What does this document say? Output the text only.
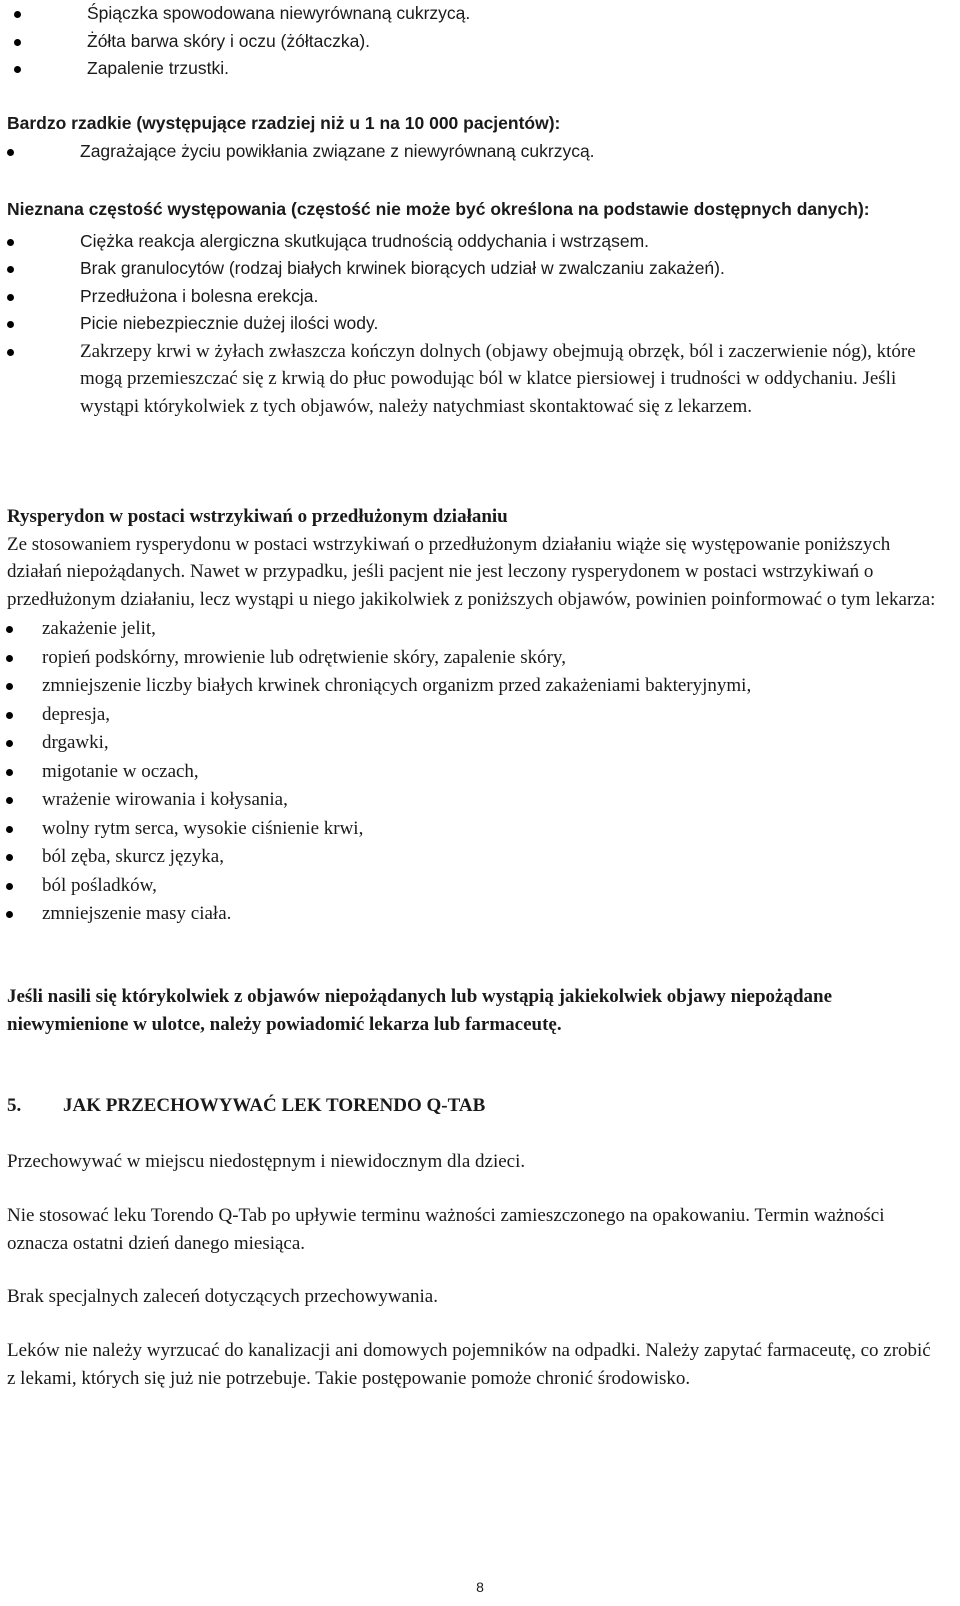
Śpiączka spowodowana niewyrównaną cukrzycą.
Żółta barwa skóry i oczu (żółtaczka).
Zapalenie trzustki.

Bardzo rzadkie (występujące rzadziej niż u 1 na 10 000 pacjentów):

Zagrażające życiu powikłania związane z niewyrównaną cukrzycą.

Nieznana częstość występowania (częstość nie może być określona na podstawie dostępnych danych):

Ciężka reakcja alergiczna skutkująca trudnością oddychania i wstrząsem.
Brak granulocytów (rodzaj białych krwinek biorących udział w zwalczaniu zakażeń).
Przedłużona i bolesna erekcja.
Picie niebezpiecznie dużej ilości wody.
Zakrzepy krwi w żyłach zwłaszcza kończyn dolnych (objawy obejmują obrzęk, ból i zaczerwienie nóg), które mogą przemieszczać się z krwią do płuc powodując ból w klatce piersiowej i trudności w oddychaniu. Jeśli wystąpi którykolwiek z tych objawów, należy natychmiast skontaktować się z lekarzem.

Rysperydon w postaci wstrzykiwań o przedłużonym działaniu

Ze stosowaniem rysperydonu w postaci wstrzykiwań o przedłużonym działaniu wiąże się występowanie poniższych działań niepożądanych. Nawet w przypadku, jeśli pacjent nie jest leczony rysperydonem w postaci wstrzykiwań o przedłużonym działaniu, lecz wystąpi u niego jakikolwiek z poniższych objawów, powinien poinformować o tym lekarza:

zakażenie jelit,
ropień podskórny, mrowienie lub odrętwienie skóry, zapalenie skóry,
zmniejszenie liczby białych krwinek chroniących organizm przed zakażeniami bakteryjnymi,
depresja,
drgawki,
migotanie w oczach,
wrażenie wirowania i kołysania,
wolny rytm serca, wysokie ciśnienie krwi,
ból zęba, skurcz języka,
ból pośladków,
zmniejszenie masy ciała.

Jeśli nasili się którykolwiek z objawów niepożądanych lub wystąpią jakiekolwiek objawy niepożądane niewymienione w ulotce, należy powiadomić lekarza lub farmaceutę.

5. JAK PRZECHOWYWAĆ LEK TORENDO Q-TAB

Przechowywać w miejscu niedostępnym i niewidocznym dla dzieci.

Nie stosować leku Torendo Q-Tab po upływie terminu ważności zamieszczonego na opakowaniu. Termin ważności oznacza ostatni dzień danego miesiąca.

Brak specjalnych zaleceń dotyczących przechowywania.

Leków nie należy wyrzucać do kanalizacji ani domowych pojemników na odpadki. Należy zapytać farmaceutę, co zrobić z lekami, których się już nie potrzebuje. Takie postępowanie pomoże chronić środowisko.

8
